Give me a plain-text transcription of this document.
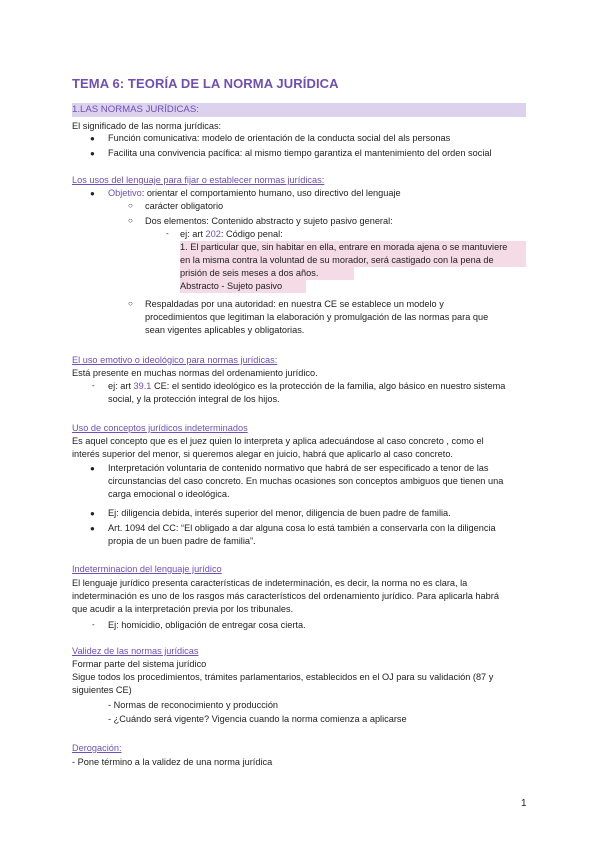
TEMA 6: TEORÍA DE LA NORMA JURÍDICA
1.LAS NORMAS JURÍDICAS:
El significado de las norma jurídicas:
● Función comunicativa: modelo de orientación de la conducta social del als personas
● Facilita una convivencia pacífica: al mismo tiempo garantiza el mantenimiento del orden social
Los usos del lenguaje para fijar o establecer normas jurídicas:
● Objetivo: orientar el comportamiento humano, uso directivo del lenguaje
○ carácter obligatorio
○ Dos elementos: Contenido abstracto y sujeto pasivo general:
- ej: art 202: Código penal:
1. El particular que, sin habitar en ella, entrare en morada ajena o se mantuviere
en la misma contra la voluntad de su morador, será castigado con la pena de
prisión de seis meses a dos años.
Abstracto - Sujeto pasivo
○ Respaldadas por una autoridad: en nuestra CE se establece un modelo y
procedimientos que legitiman la elaboración y promulgación de las normas para que
sean vigentes aplicables y obligatorias.
El uso emotivo o ideológico para normas jurídicas:
Está presente en muchas normas del ordenamiento jurídico.
- ej: art 39.1 CE: el sentido ideológico es la protección de la familia, algo básico en nuestro sistema
social, y la protección integral de los hijos.
Uso de conceptos jurídicos indeterminados
Es aquel concepto que es el juez quien lo interpreta y aplica adecuándose al caso concreto , como el
interés superior del menor, si queremos alegar en juicio, habrá que aplicarlo al caso concreto.
● Interpretación voluntaria de contenido normativo que habrá de ser especificado a tenor de las
circunstancias del caso concreto. En muchas ocasiones son conceptos ambiguos que tienen una
carga emocional o ideológica.
● Ej: diligencia debida, interés superior del menor, diligencia de buen padre de familia.
● Art. 1094 del CC: “El obligado a dar alguna cosa lo está también a conservarla con la diligencia
propia de un buen padre de familia”.
Indeterminacion del lenguaje jurídico
El lenguaje jurídico presenta características de indeterminación, es decir, la norma no es clara, la
indeterminación es uno de los rasgos más característicos del ordenamiento jurídico. Para aplicarla habrá
que acudir a la interpretación previa por los tribunales.
- Ej: homicidio, obligación de entregar cosa cierta.
Validez de las normas jurídicas
Formar parte del sistema jurídico
Sigue todos los procedimientos, trámites parlamentarios, establecidos en el OJ para su validación (87 y
siguientes CE)
- Normas de reconocimiento y producción
- ¿Cuándo será vigente? Vigencia cuando la norma comienza a aplicarse
Derogación:
- Pone término a la validez de una norma jurídica
1
